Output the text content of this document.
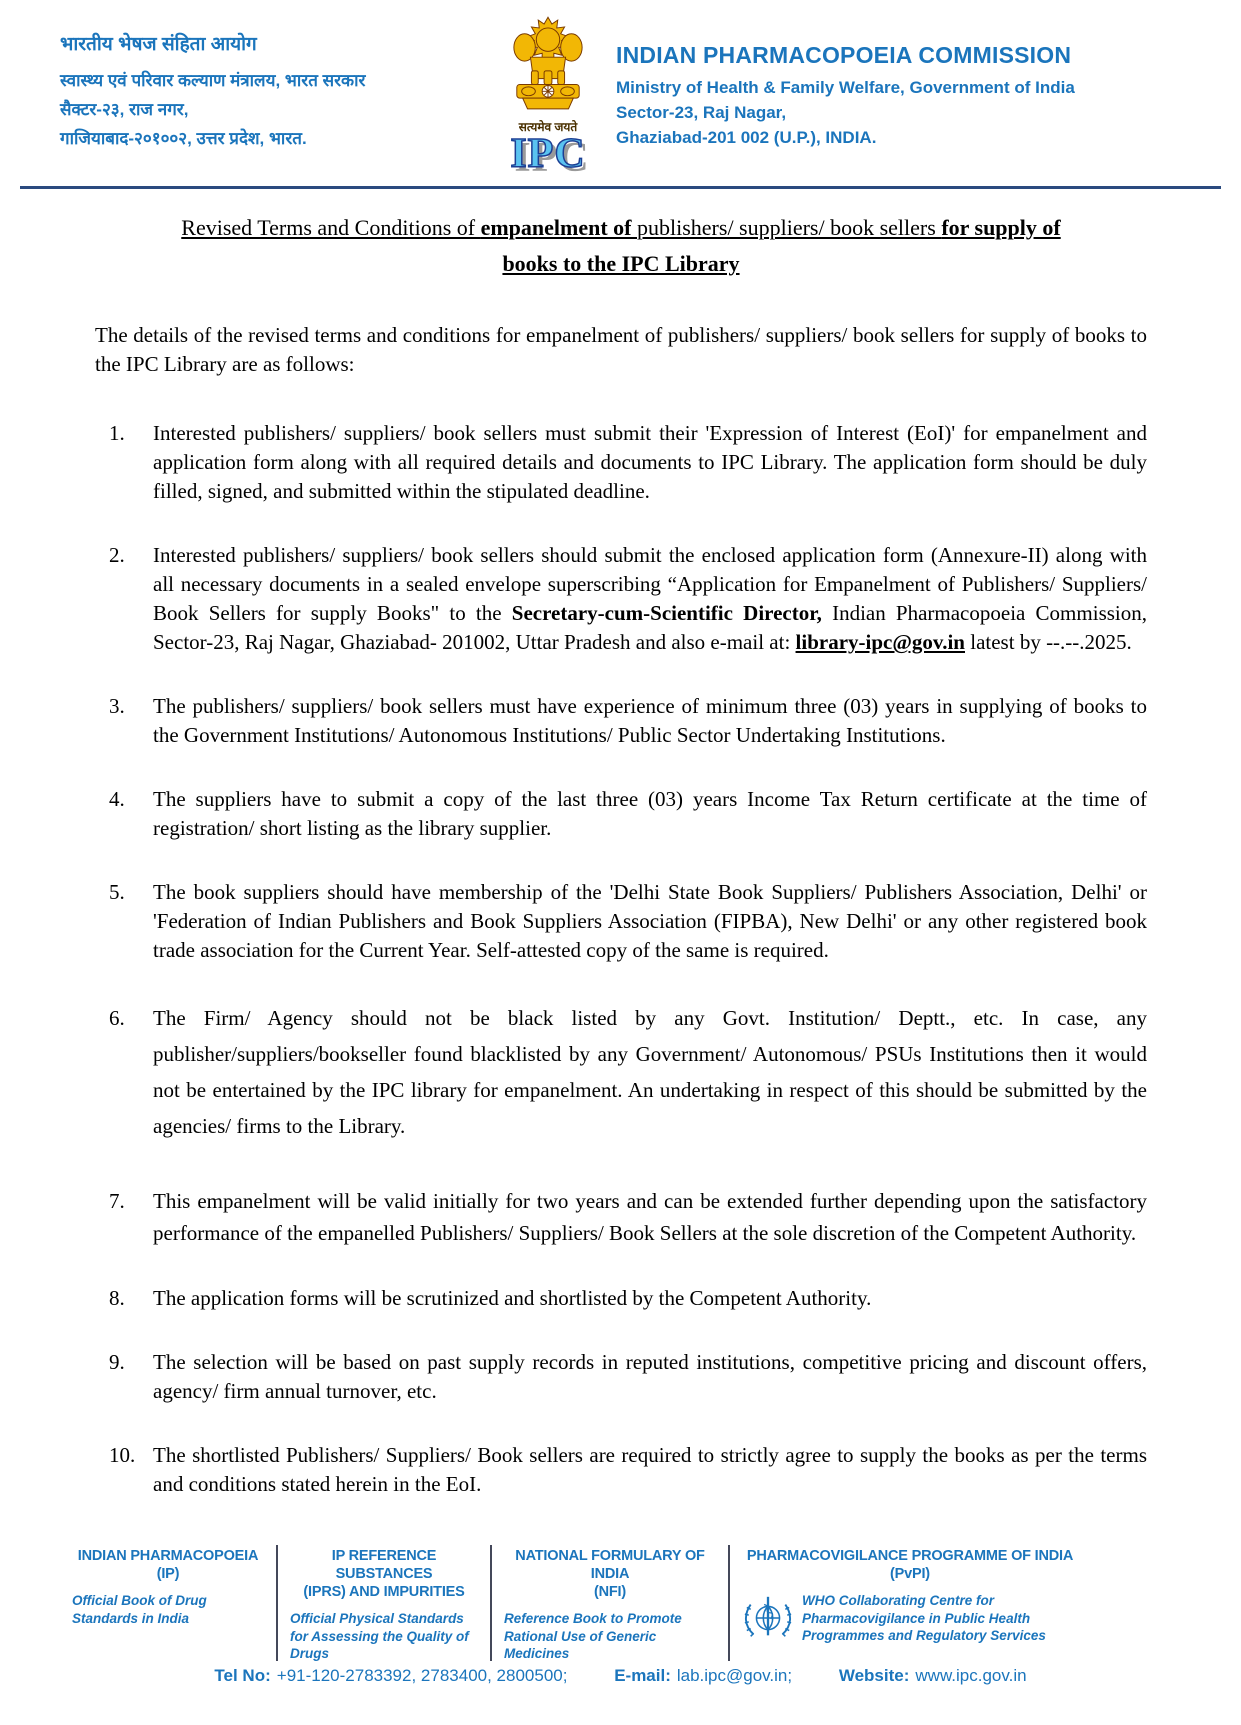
भारतीय भेषज संहिता आयोग
स्वास्थ्य एवं परिवार कल्याण मंत्रालय, भारत सरकार
सैक्टर-२३, राज नगर,
गाजियाबाद-२०१००२, उत्तर प्रदेश, भारत.
सत्यमेव जयते
IPC
INDIAN PHARMACOPOEIA COMMISSION
Ministry of Health & Family Welfare, Government of India
Sector-23, Raj Nagar,
Ghaziabad-201 002 (U.P.), INDIA.
Revised Terms and Conditions of empanelment of publishers/ suppliers/ book sellers for supply of
books to the IPC Library

The details of the revised terms and conditions for empanelment of publishers/ suppliers/ book sellers for supply of books to the IPC Library are as follows:

1. Interested publishers/ suppliers/ book sellers must submit their 'Expression of Interest (EoI)' for empanelment and application form along with all required details and documents to IPC Library. The application form should be duly filled, signed, and submitted within the stipulated deadline.
2. Interested publishers/ suppliers/ book sellers should submit the enclosed application form (Annexure-II) along with all necessary documents in a sealed envelope superscribing “Application for Empanelment of Publishers/ Suppliers/ Book Sellers for supply Books" to the Secretary-cum-Scientific Director, Indian Pharmacopoeia Commission, Sector-23, Raj Nagar, Ghaziabad- 201002, Uttar Pradesh and also e-mail at: library-ipc@gov.in latest by --.--.2025.
3. The publishers/ suppliers/ book sellers must have experience of minimum three (03) years in supplying of books to the Government Institutions/ Autonomous Institutions/ Public Sector Undertaking Institutions.
4. The suppliers have to submit a copy of the last three (03) years Income Tax Return certificate at the time of registration/ short listing as the library supplier.
5. The book suppliers should have membership of the 'Delhi State Book Suppliers/ Publishers Association, Delhi' or 'Federation of Indian Publishers and Book Suppliers Association (FIPBA), New Delhi' or any other registered book trade association for the Current Year. Self-attested copy of the same is required.
6. The Firm/ Agency should not be black listed by any Govt. Institution/ Deptt., etc. In case, any publisher/suppliers/bookseller found blacklisted by any Government/ Autonomous/ PSUs Institutions then it would not be entertained by the IPC library for empanelment. An undertaking in respect of this should be submitted by the agencies/ firms to the Library.
7. This empanelment will be valid initially for two years and can be extended further depending upon the satisfactory performance of the empanelled Publishers/ Suppliers/ Book Sellers at the sole discretion of the Competent Authority.
8. The application forms will be scrutinized and shortlisted by the Competent Authority.
9. The selection will be based on past supply records in reputed institutions, competitive pricing and discount offers, agency/ firm annual turnover, etc.
10. The shortlisted Publishers/ Suppliers/ Book sellers are required to strictly agree to supply the books as per the terms and conditions stated herein in the EoI.
INDIAN PHARMACOPOEIA
(IP)
Official Book of Drug Standards in India
IP REFERENCE SUBSTANCES
(IPRS) AND IMPURITIES
Official Physical Standards for Assessing the Quality of Drugs
NATIONAL FORMULARY OF INDIA
(NFI)
Reference Book to Promote Rational Use of Generic Medicines
PHARMACOVIGILANCE PROGRAMME OF INDIA
(PvPI)
WHO Collaborating Centre for Pharmacovigilance in Public Health Programmes and Regulatory Services
Tel No: +91-120-2783392, 2783400, 2800500;	E-mail: lab.ipc@gov.in;	Website: www.ipc.gov.in
